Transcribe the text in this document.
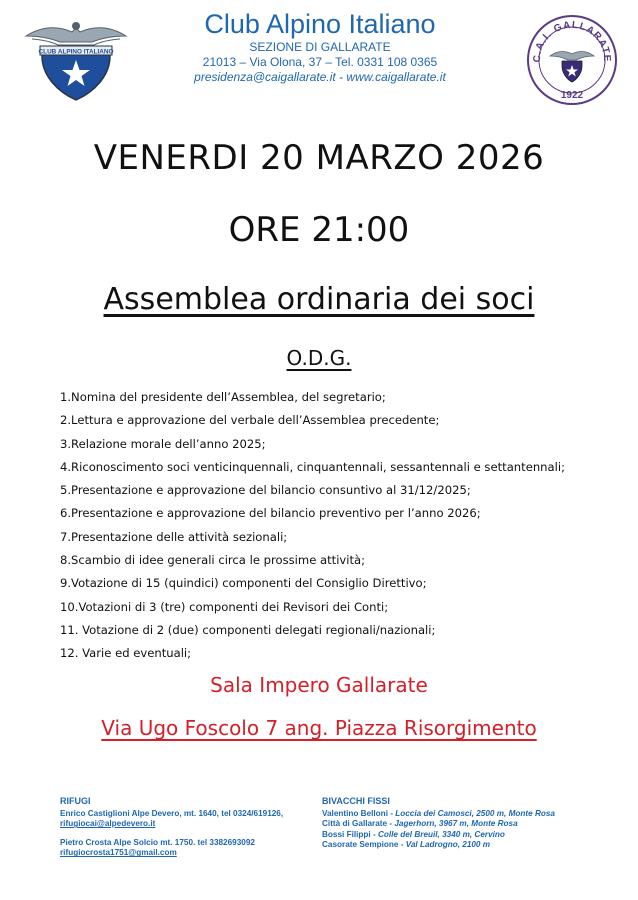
CLUB ALPINO ITALIANO
Club Alpino Italiano
SEZIONE DI GALLARATE
21013 – Via Olona, 37 – Tel. 0331 108 0365
presidenza@caigallarate.it - www.caigallarate.it
C.A.I. GALLARATE
1922
VENERDI 20 MARZO 2026
ORE 21:00
Assemblea ordinaria dei soci
O.D.G.
1.Nomina del presidente dell’Assemblea, del segretario;
2.Lettura e approvazione del verbale dell’Assemblea precedente;
3.Relazione morale dell’anno 2025;
4.Riconoscimento soci venticinquennali, cinquantennali, sessantennali e settantennali;
5.Presentazione e approvazione del bilancio consuntivo al 31/12/2025;
6.Presentazione e approvazione del bilancio preventivo per l’anno 2026;
7.Presentazione delle attività sezionali;
8.Scambio di idee generali circa le prossime attività;
9.Votazione di 15 (quindici) componenti del Consiglio Direttivo;
10.Votazioni di 3 (tre) componenti dei Revisori dei Conti;
11. Votazione di 2 (due) componenti delegati regionali/nazionali;
12. Varie ed eventuali;
Sala Impero Gallarate
Via Ugo Foscolo 7 ang. Piazza Risorgimento
RIFUGI
Enrico Castiglioni Alpe Devero, mt. 1640, tel 0324/619126,
rifugiocai@alpedevero.it
Pietro Crosta Alpe Solcio mt. 1750. tel 3382693092
rifugiocrosta1751@gmail.com
BIVACCHI FISSI
Valentino Belloni - Loccia dei Camosci, 2500 m, Monte Rosa
Città di Gallarate - Jagerhorn, 3967 m, Monte Rosa
Bossi Filippi - Colle del Breuil, 3340 m, Cervino
Casorate Sempione - Val Ladrogno, 2100 m
